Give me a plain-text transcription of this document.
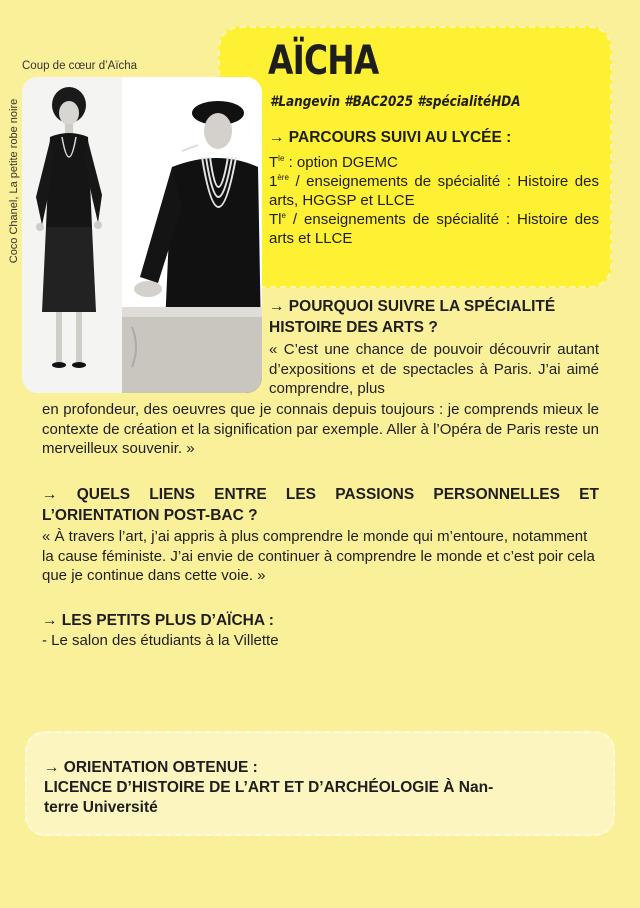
Coup de cœur d’Aïcha
Coco Chanel, La petite robe noire
AÏCHA
#Langevin #BAC2025 #spécialitéHDA
→ PARCOURS SUIVI AU LYCÉE :
$T^{le}$ : option DGEMC
1ère / enseignements de spécialité : Histoire des arts, HGGSP et LLCE
Tl$^e$ / enseignements de spécialité : Histoire des arts et LLCE
→ POURQUOI SUIVRE LA SPÉCIALITÉ HISTOIRE DES ARTS ?
« C’est une chance de pouvoir découvrir autant d’expositions et de spectacles à Paris. J’ai aimé comprendre, plus
en profondeur, des oeuvres que je connais depuis toujours : je comprends mieux le contexte de création et la signification par exemple. Aller à l’Opéra de Paris reste un merveilleux souvenir. »
→ QUELS LIENS ENTRE LES PASSIONS PERSONNELLES ET L’ORIENTATION POST-BAC ?
« À travers l’art, j’ai appris à plus comprendre le monde qui m’entoure, notamment la cause féministe. J’ai envie de continuer à comprendre le monde et c’est poir cela que je continue dans cette voie. »
→ LES PETITS PLUS D’AÏCHA :
- Le salon des étudiants à la Villette
→ ORIENTATION OBTENUE :
LICENCE D’HISTOIRE DE L’ART ET D’ARCHÉOLOGIE À Nan-
terre Université
